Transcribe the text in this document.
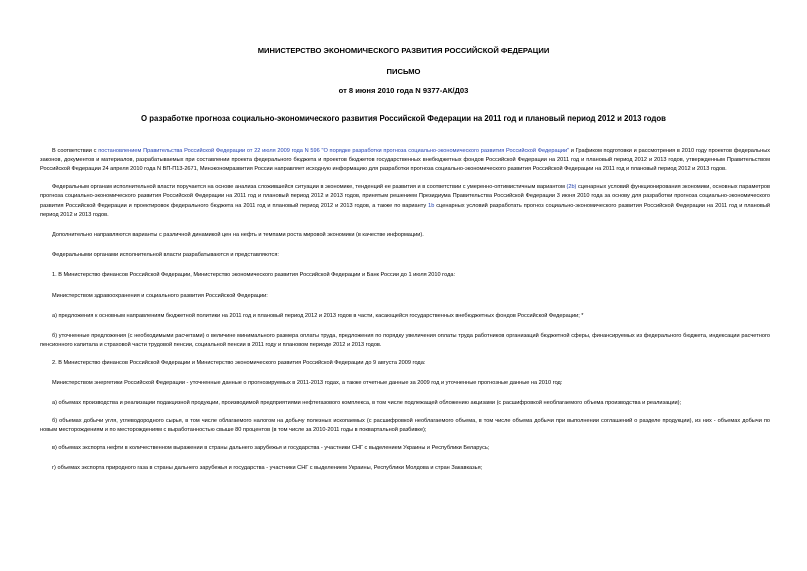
МИНИСТЕРСТВО ЭКОНОМИЧЕСКОГО РАЗВИТИЯ РОССИЙСКОЙ ФЕДЕРАЦИИ
ПИСЬМО
от 8 июня 2010 года N 9377-АК/Д03
О разработке прогноза социально-экономического развития Российской Федерации на 2011 год и плановый период 2012 и 2013 годов

В соответствии с постановлением Правительства Российской Федерации от 22 июля 2009 года N 596 "О порядке разработки прогноза социально-экономического развития Российской Федерации" и Графиком подготовки и рассмотрения в 2010 году проектов федеральных законов, документов и материалов, разрабатываемых при составлении проекта федерального бюджета и проектов бюджетов государственных внебюджетных фондов Российской Федерации на 2011 год и плановый период 2012 и 2013 годов, утвержденным Правительством Российской Федерации 24 апреля 2010 года N ВП-П13-2671, Минэкономразвития России направляет исходную информацию для разработки прогноза социально-экономического развития Российской Федерации на 2011 год и плановый период 2012 и 2013 годов.

Федеральным органам исполнительной власти поручается на основе анализа сложившейся ситуации в экономике, тенденций ее развития и в соответствии с умеренно-оптимистичным вариантом (2b) сценарных условий функционирования экономики, основных параметров прогноза социально-экономического развития Российской Федерации на 2011 год и плановый период 2012 и 2013 годов, принятым решением Президиума Правительства Российской Федерации 3 июня 2010 года за основу для разработки прогноза социально-экономического развития Российской Федерации и проектировок федерального бюджета на 2011 год и плановый период 2012 и 2013 годов, а также по варианту 1b сценарных условий разработать прогноз социально-экономического развития Российской Федерации на 2011 год и плановый период 2012 и 2013 годов.

Дополнительно направляются варианты с различной динамикой цен на нефть и темпами роста мировой экономики (в качестве информации).

Федеральными органами исполнительной власти разрабатываются и представляются:

1. В Министерство финансов Российской Федерации, Министерство экономического развития Российской Федерации и Банк России до 1 июля 2010 года:

Министерством здравоохранения и социального развития Российской Федерации:

а) предложения к основным направлениям бюджетной политики на 2011 год и плановый период 2012 и 2013 годов в части, касающейся государственных внебюджетных фондов Российской Федерации; *

б) уточненные предложения (с необходимыми расчетами) о величине минимального размера оплаты труда, предложения по порядку увеличения оплаты труда работников организаций бюджетной сферы, финансируемых из федерального бюджета, индексации расчетного пенсионного капитала и страховой части трудовой пенсии, социальной пенсии в 2011 году и плановом периоде 2012 и 2013 годов.

2. В Министерство финансов Российской Федерации и Министерство экономического развития Российской Федерации до 9 августа 2009 года:

Министерством энергетики Российской Федерации - уточненные данные о прогнозируемых в 2011-2013 годах, а также отчетные данные за 2009 год и уточненные прогнозные данные на 2010 год:

а) объемах производства и реализации подакцизной продукции, производимой предприятиями нефтегазового комплекса, в том числе подлежащей обложению акцизами (с расшифровкой необлагаемого объема производства и реализации);

б) объемах добычи угля, углеводородного сырья, в том числе облагаемого налогом на добычу полезных ископаемых (с расшифровкой необлагаемого объема, в том числе объема добычи при выполнении соглашений о разделе продукции), из них - объемах добычи по новым месторождениям и по месторождениям с выработанностью свыше 80 процентов (в том числе за 2010-2011 годы в поквартальной разбивке);

в) объемах экспорта нефти в количественном выражении в страны дальнего зарубежья и государства - участники СНГ с выделением Украины и Республики Беларусь;

г) объемах экспорта природного газа в страны дальнего зарубежья и государства - участники СНГ с выделением Украины, Республики Молдова и стран Закавказья;
